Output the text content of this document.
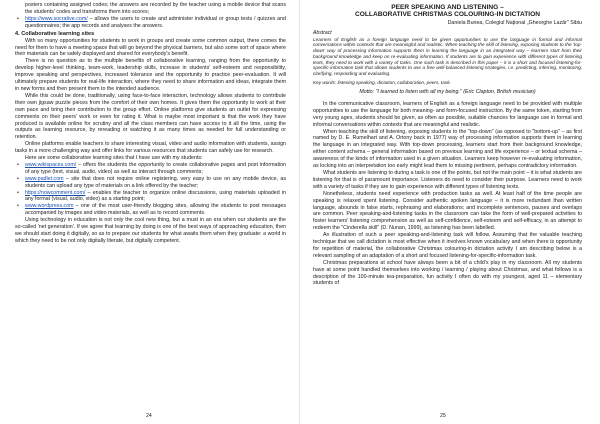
posters containing assigned codes; the answers are recorded by the teacher using a mobile device that scans the students' codes and transforms them into scores;
• https://www.socrative.com/ – allows the users to create and administer individual or group tests / quizzes and questionnaires; the app records and analyses the answers.
4. Collaborative learning sites

With so many opportunities for students to work in groups and create some common output, there comes the need for them to have a meeting space that will go beyond the physical barriers, but also some sort of space where their materials can be safely displayed and shared for everybody's benefit.

There is no question as to the multiple benefits of collaborative learning, ranging from the opportunity to develop higher-level thinking, team-work, leadership skills, increase in students' self-esteem and responsibility, improve speaking and perspectives, increased tolerance and the opportunity to practice peer-evaluation. It will ultimately prepare students for real-life interaction, where they need to share information and ideas, integrate them in new forms and then present them to the intended audience.

While this could be done, traditionally, using face-to-face interaction, technology allows students to contribute their own jigsaw puzzle pieces from the comfort of their own homes. It gives them the opportunity to work at their own pace and bring their contribution to the group effort. Online platforms give students an outlet for expressing comments on their peers' work or even for rating it. What is maybe most important is that the work they have produced is available online for scrutiny and all the class members can have access to it all the time, using the outputs as learning resource, by rereading or watching it as many times as needed for full understanding or retention.

Online platforms enable teachers to share interesting visual, video and audio information with students, assign tasks in a more challenging way and offer links for various resources that students can safely use for research.

Here are some collaborative learning sites that I have use with my students:

• www.wikispaces.com/ – offers the students the opportunity to create collaborative pages and post information of any type (text, visual, audio, video) as well as interact through comments;
• www.padlet.com – site that does not require online registering, very easy to use on any mobile device, as students can upload any type of materials on a link offered by the teacher;
• https://nowcomment.com/ – enables the teacher to organize online discussions, using materials uploaded in any format (visual, audio, video) as a starting point;
• www.wordpress.com – one of the most user-friendly blogging sites, allowing the students to post messages accompanied by images and video materials, as well as to record comments.

Using technology in education is not only the cool new thing, but a must in an era when our students are the so-called 'net generation'. If we agree that learning by doing is one of the best ways of approaching education, then we should start doing it digitally, so as to prepare our students for what awaits them when they graduate: a world in which they need to be not only digitally literate, but digitally competent.

24
PEER SPEAKING AND LISTENING –
COLLABORATIVE CHRISTMAS COLOURING-IN DICTATION
Daniela Bunea, Colegiul Național „Gheorghe Lazăr" Sibiu
Abstract

Learners of English as a foreign language need to be given opportunities to use the language in formal and informal conversations within contexts that are meaningful and realistic. When teaching the skill of listening, exposing students to the 'top-down' way of processing information supports them in learning the language in an integrated way – learners start from their background knowledge and keep on re-evaluating information. If students are to gain experience with different types of listening texts, they need to work with a variety of tasks. One such task is described in this paper – it is a short and focused listening-for-specific-information task that allows students to use a free well-balanced listening strategies, i.e. predicting, inferring, monitoring, clarifying, responding and evaluating.

Key words: listening speaking, dictation, collaboration, peers, task.

Motto: "I learned to listen with all my being." (Eric Clapton, British musician)

In the communicative classroom, learners of English as a foreign language need to be provided with multiple opportunities to use the language for both meaning- and form-focused instruction. By the same token, starting from very young ages, students should be given, as often as possible, suitable chances for language use in formal and informal conversations within contexts that are meaningful and realistic.

When teaching the skill of listening, exposing students to the "top-down" (as opposed to "bottom-up" – as first named by D. E. Rumelhart and A. Ortony back in 1977) way of processing information supports them in learning the language in an integrated way. With top-down processing, learners start from their background knowledge, either content schema – general information based on previous learning and life experience – or textual schema – awareness of the kinds of information used in a given situation. Learners keep however re-evaluating information, as locking into an interpretation too early might lead them to missing pertinent, perhaps contradictory information.

What students are listening to during a task is one of the points, but not the main point – it is what students are listening for that is of paramount importance. Listeners do need to consider their purpose. Learners need to work with a variety of tasks if they are to gain experience with different types of listening texts.

Nonetheless, students need experience with production tasks as well. At least half of the time people are speaking is relaxed spent listening. Consider authentic spoken language – it is more redundant than written language, abounds in false starts, rephrasing and elaborations; and incomplete sentences, pauses and overlaps are common. Peer speaking-and-listening tasks in the classroom can take the form of well-prepared activities to foster learners' listening comprehension as well as self-confidence, self-esteem and self-efficacy, in an attempt to redeem the "Cinderella skill" (D. Nunan, 1999), as listening has been labelled.

An illustration of such a peer speaking-and-listening task will follow. Assuming that the valuable teaching technique that we call dictation is most effective when it involves known vocabulary and when there is opportunity for repetition of material, the collaborative Christmas colouring-in dictation activity I am describing below is a relevant sampling of an adaptation of a short and focused listening-for-specific-information task.

Christmas preparations at school have always been a bit of a child's play in my classroom. All my students have at some point handled themselves into working / learning / playing about Christmas, and what follows is a description of the 100-minute tea-preparation, fun activity I often do with my youngest, aged 11 – elementary students of

25
